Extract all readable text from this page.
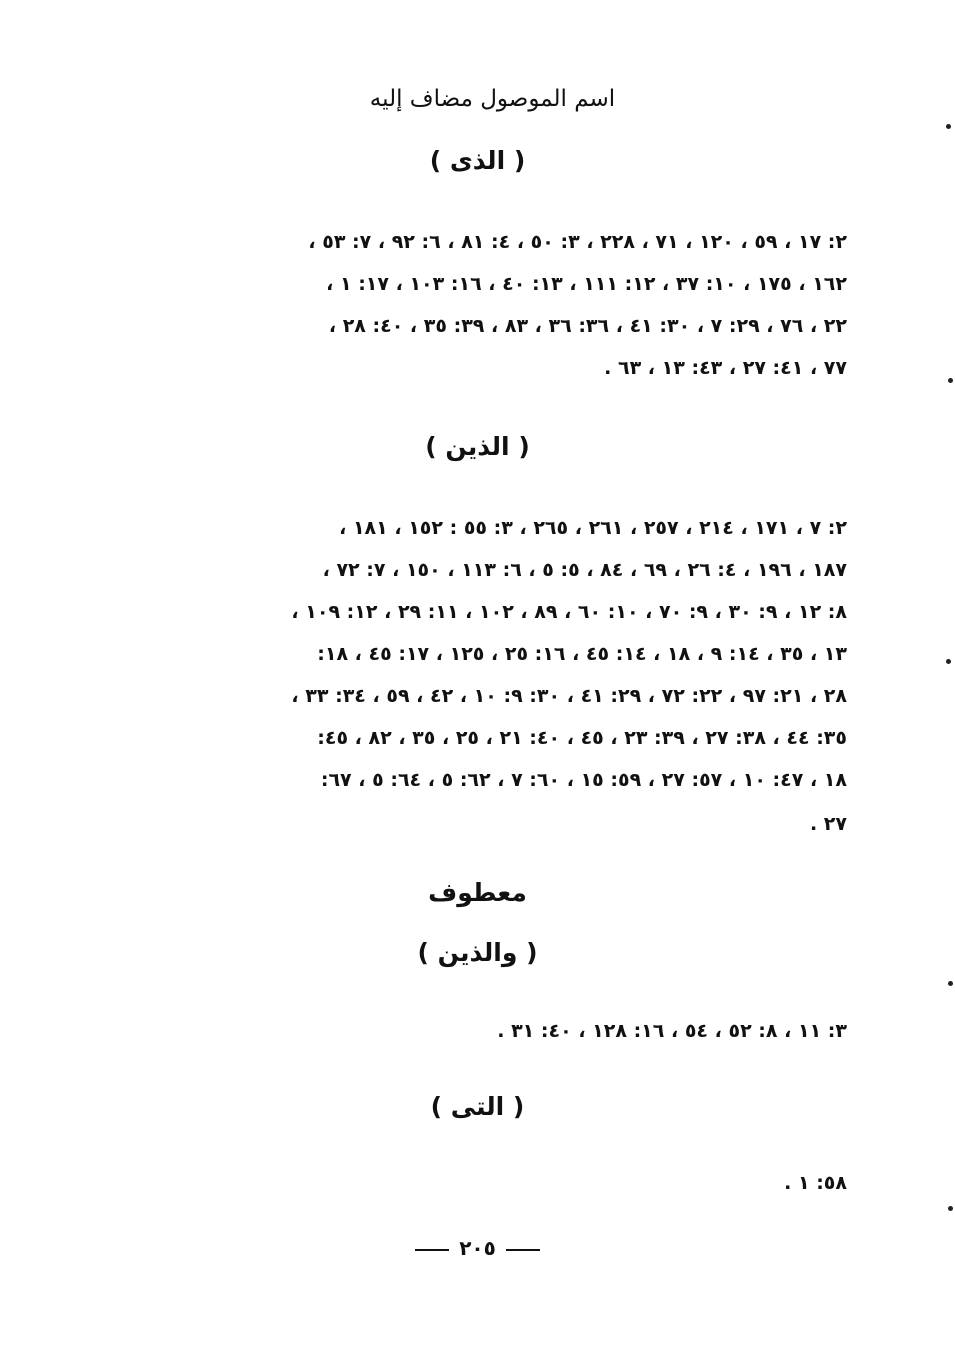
اسم الموصول مضاف إليه
( الذى )

٢: ١٧ ، ٥٩ ، ١٢٠ ، ٧١ ، ٢٢٨ ، ٣: ٥٠ ، ٤: ٨١ ، ٦: ٩٢ ، ٧: ٥٣ ،

١٦٢ ، ١٧٥ ، ١٠: ٣٧ ، ١٢: ١١١ ، ١٣: ٤٠ ، ١٦: ١٠٣ ، ١٧: ١ ،

٢٢ ، ٧٦ ، ٢٩: ٧ ، ٣٠: ٤١ ، ٣٦: ٣٦ ، ٨٣ ، ٣٩: ٣٥ ، ٤٠: ٢٨ ،

٧٧ ، ٤١: ٢٧ ، ٤٣: ١٣ ، ٦٣ .

( الذين )

٢: ٧ ، ١٧١ ، ٢١٤ ، ٢٥٧ ، ٢٦١ ، ٢٦٥ ، ٣: ٥٥ : ١٥٢ ، ١٨١ ،

١٨٧ ، ١٩٦ ، ٤: ٢٦ ، ٦٩ ، ٨٤ ، ٥: ٥ ، ٦: ١١٣ ، ١٥٠ ، ٧: ٧٢ ،

٨: ١٢ ، ٩: ٣٠ ، ٩: ٧٠ ، ١٠: ٦٠ ، ٨٩ ، ١٠٢ ، ١١: ٢٩ ، ١٢: ١٠٩ ،

١٣ ، ٣٥ ، ١٤: ٩ ، ١٨ ، ١٤: ٤٥ ، ١٦: ٢٥ ، ١٢٥ ، ١٧: ٤٥ ، ١٨:

٢٨ ، ٢١: ٩٧ ، ٢٢: ٧٢ ، ٢٩: ٤١ ، ٣٠: ٩: ١٠ ، ٤٢ ، ٥٩ ، ٣٤: ٣٣ ،

٣٥: ٤٤ ، ٣٨: ٢٧ ، ٣٩: ٢٣ ، ٤٥ ، ٤٠: ٢١ ، ٢٥ ، ٣٥ ، ٨٢ ، ٤٥:

١٨ ، ٤٧: ١٠ ، ٥٧: ٢٧ ، ٥٩: ١٥ ، ٦٠: ٧ ، ٦٢: ٥ ، ٦٤: ٥ ، ٦٧:

٢٧ .

معطوف
( والذين )

٣: ١١ ، ٨: ٥٢ ، ٥٤ ، ١٦: ١٢٨ ، ٤٠: ٣١ .

( التى )

٥٨: ١ .

٢٠٥
